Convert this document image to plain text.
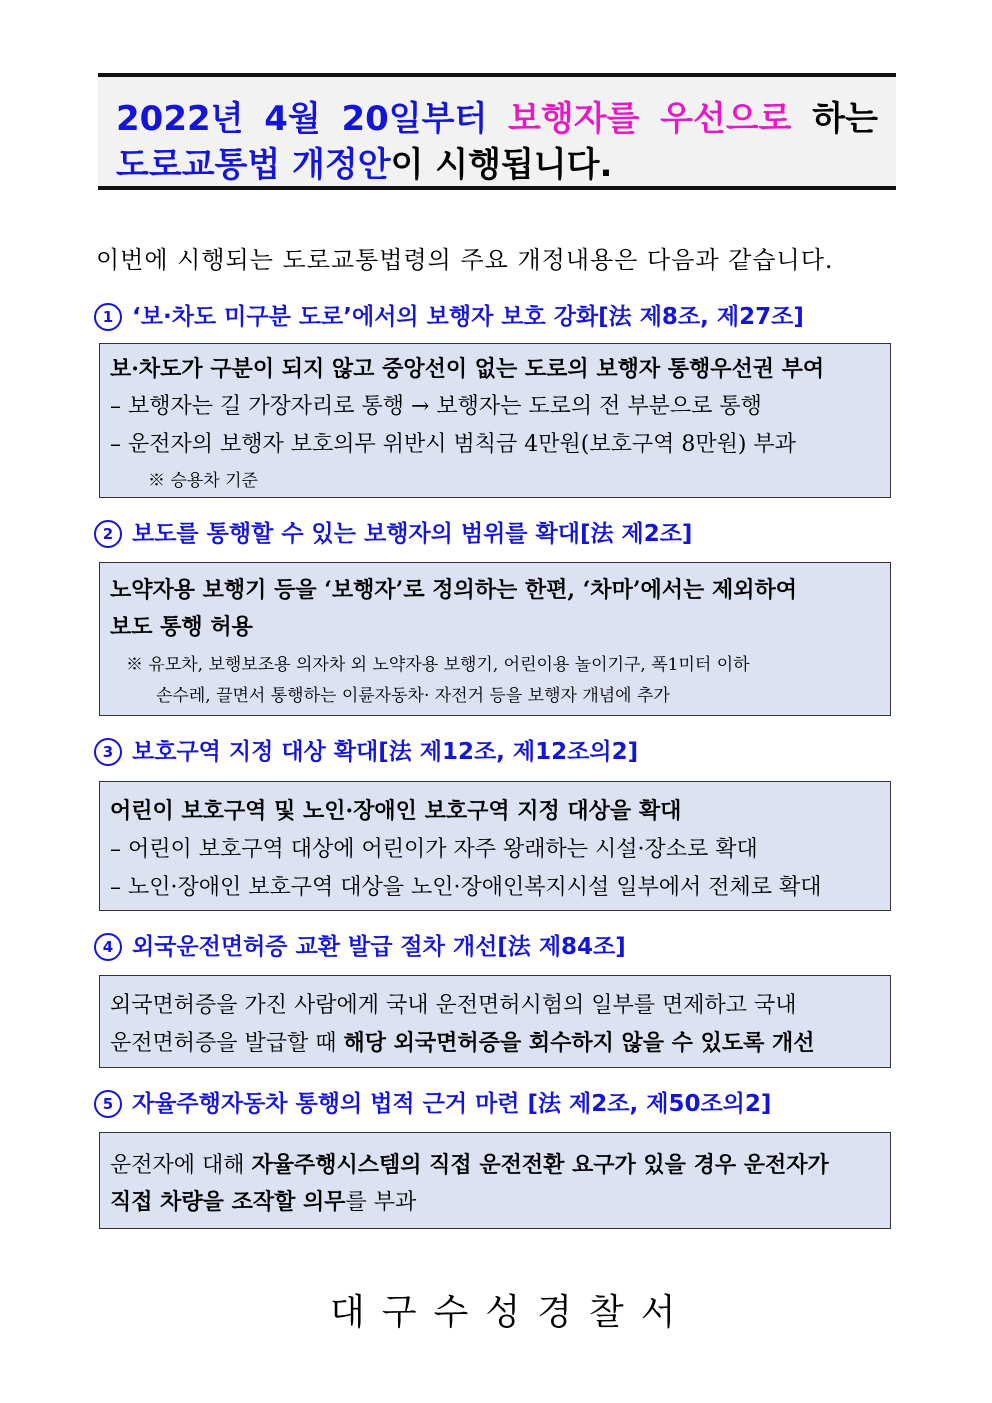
2022년 4월 20일부터 보행자를 우선으로 하는
도로교통법 개정안이 시행됩니다.
이번에 시행되는 도로교통법령의 주요 개정내용은 다음과 같습니다.
1 ‘보·차도 미구분 도로’에서의 보행자 보호 강화[法 제8조, 제27조]
보·차도가 구분이 되지 않고 중앙선이 없는 도로의 보행자 통행우선권 부여
– 보행자는 길 가장자리로 통행 → 보행자는 도로의 전 부분으로 통행
– 운전자의 보행자 보호의무 위반시 범칙금 4만원(보호구역 8만원) 부과
※ 승용차 기준
2 보도를 통행할 수 있는 보행자의 범위를 확대[法 제2조]
노약자용 보행기 등을 ‘보행자’로 정의하는 한편, ‘차마’에서는 제외하여
보도 통행 허용
※ 유모차, 보행보조용 의자차 외 노약자용 보행기, 어린이용 놀이기구, 폭1미터 이하
손수레, 끌면서 통행하는 이륜자동차· 자전거 등을 보행자 개념에 추가
3 보호구역 지정 대상 확대[法 제12조, 제12조의2]
어린이 보호구역 및 노인·장애인 보호구역 지정 대상을 확대
– 어린이 보호구역 대상에 어린이가 자주 왕래하는 시설·장소로 확대
– 노인·장애인 보호구역 대상을 노인·장애인복지시설 일부에서 전체로 확대
4 외국운전면허증 교환 발급 절차 개선[法 제84조]
외국면허증을 가진 사람에게 국내 운전면허시험의 일부를 면제하고 국내
운전면허증을 발급할 때 해당 외국면허증을 회수하지 않을 수 있도록 개선
5 자율주행자동차 통행의 법적 근거 마련 [法 제2조, 제50조의2]
운전자에 대해 자율주행시스템의 직접 운전전환 요구가 있을 경우 운전자가
직접 차량을 조작할 의무를 부과
대구수성경찰서
